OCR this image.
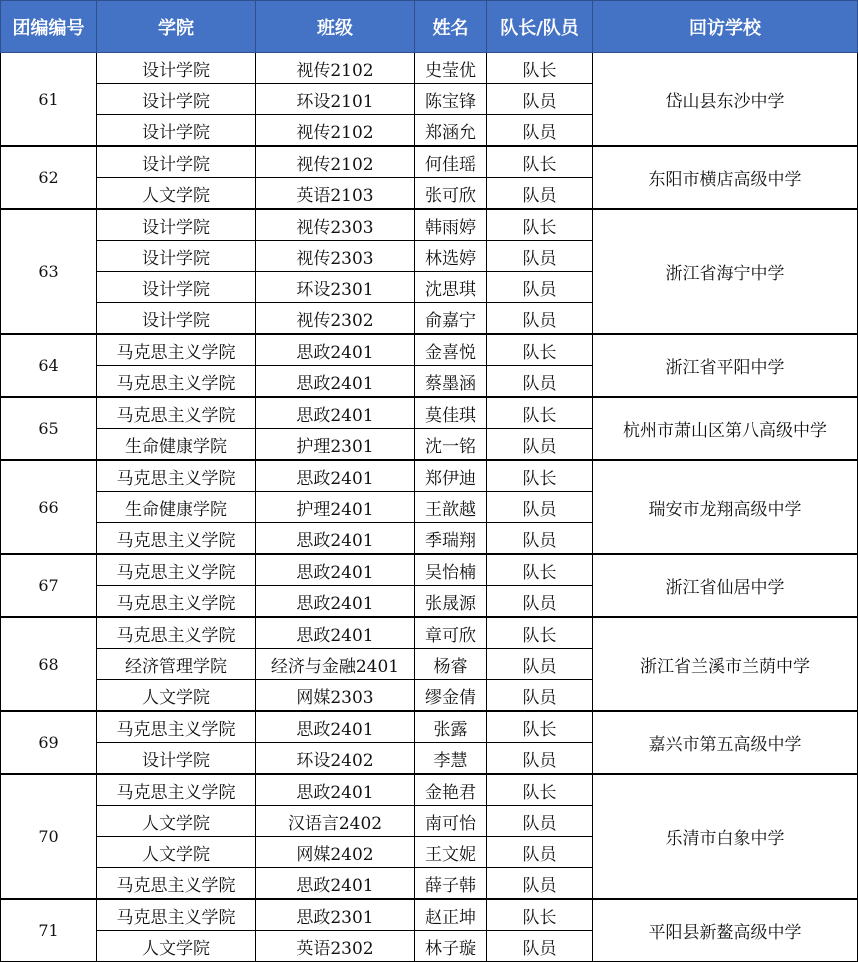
团编编号	学院	班级	姓名	队长/队员	回访学校
61	设计学院	视传2102	史莹优	队长	岱山县东沙中学
	设计学院	环设2101	陈宝锋	队员	
	设计学院	视传2102	郑涵允	队员	
62	设计学院	视传2102	何佳瑶	队长	东阳市横店高级中学
	人文学院	英语2103	张可欣	队员	
63	设计学院	视传2303	韩雨婷	队长	浙江省海宁中学
	设计学院	视传2303	林选婷	队员	
	设计学院	环设2301	沈思琪	队员	
	设计学院	视传2302	俞嘉宁	队员	
64	马克思主义学院	思政2401	金喜悦	队长	浙江省平阳中学
	马克思主义学院	思政2401	蔡墨涵	队员	
65	马克思主义学院	思政2401	莫佳琪	队长	杭州市萧山区第八高级中学
	生命健康学院	护理2301	沈一铭	队员	
66	马克思主义学院	思政2401	郑伊迪	队长	瑞安市龙翔高级中学
	生命健康学院	护理2401	王歆越	队员	
	马克思主义学院	思政2401	季瑞翔	队员	
67	马克思主义学院	思政2401	吴怡楠	队长	浙江省仙居中学
	马克思主义学院	思政2401	张晟源	队员	
68	马克思主义学院	思政2401	章可欣	队长	浙江省兰溪市兰荫中学
	经济管理学院	经济与金融2401	杨睿	队员	
	人文学院	网媒2303	缪金倩	队员	
69	马克思主义学院	思政2401	张露	队长	嘉兴市第五高级中学
	设计学院	环设2402	李慧	队员	
70	马克思主义学院	思政2401	金艳君	队长	乐清市白象中学
	人文学院	汉语言2402	南可怡	队员	
	人文学院	网媒2402	王文妮	队员	
	马克思主义学院	思政2401	薛子韩	队员	
71	马克思主义学院	思政2301	赵正坤	队长	平阳县新鳌高级中学
	人文学院	英语2302	林子璇	队员	
